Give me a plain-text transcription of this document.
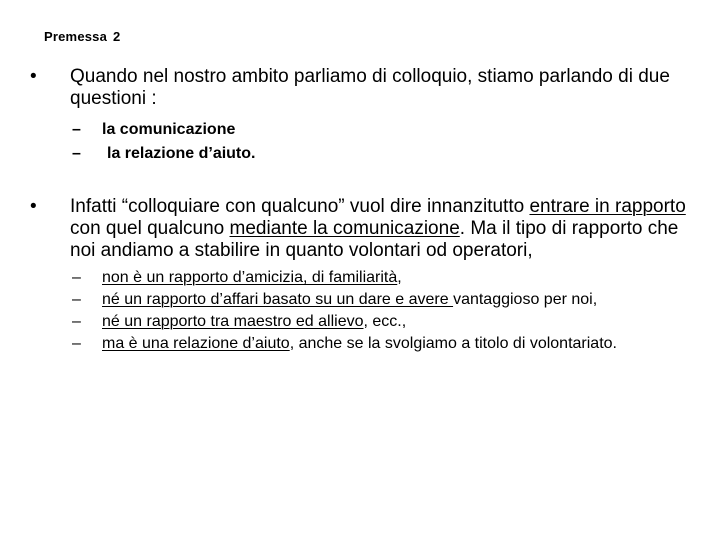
Premessa 2
•	Quando nel nostro ambito parliamo di colloquio, stiamo parlando di due questioni :
– la comunicazione
– la relazione d’aiuto.
•	Infatti “colloquiare con qualcuno” vuol dire innanzitutto entrare in rapporto con quel qualcuno mediante la comunicazione. Ma il tipo di rapporto che noi andiamo a stabilire in quanto volontari od operatori,
– non è un rapporto d’amicizia, di familiarità,
– né un rapporto d’affari basato su un dare e avere vantaggioso per noi,
– né un rapporto tra maestro ed allievo, ecc.,
– ma è una relazione d’aiuto, anche se la svolgiamo a titolo di volontariato.
